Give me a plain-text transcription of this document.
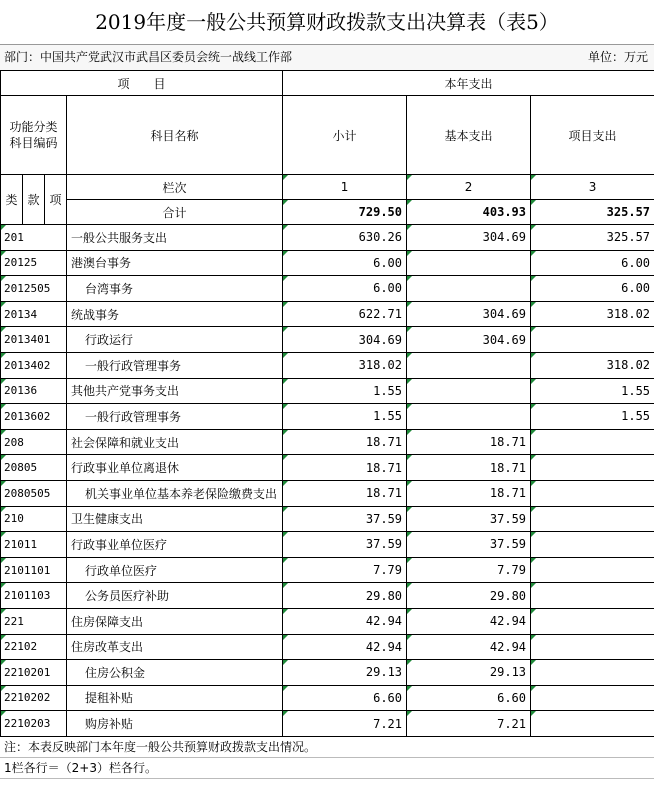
2019年度一般公共预算财政拨款支出决算表（表5）
部门：中国共产党武汉市武昌区委员会统一战线工作部	单位：万元
项　　目				本年支出		
功能分类
科目编码			科目名称	小计	基本支出	项目支出
类	款	项	栏次	1	2	3
			合计	729.50	403.93	325.57
201			一般公共服务支出	630.26	304.69	325.57
20125			港澳台事务	6.00		6.00
2012505			台湾事务	6.00		6.00
20134			统战事务	622.71	304.69	318.02
2013401			行政运行	304.69	304.69	
2013402			一般行政管理事务	318.02		318.02
20136			其他共产党事务支出	1.55		1.55
2013602			一般行政管理事务	1.55		1.55
208			社会保障和就业支出	18.71	18.71	
20805			行政事业单位离退休	18.71	18.71	
2080505			机关事业单位基本养老保险缴费支出	18.71	18.71	
210			卫生健康支出	37.59	37.59	
21011			行政事业单位医疗	37.59	37.59	
2101101			行政单位医疗	7.79	7.79	
2101103			公务员医疗补助	29.80	29.80	
221			住房保障支出	42.94	42.94	
22102			住房改革支出	42.94	42.94	
2210201			住房公积金	29.13	29.13	
2210202			提租补贴	6.60	6.60	
2210203			购房补贴	7.21	7.21	
注：本表反映部门本年度一般公共预算财政拨款支出情况。
1栏各行＝（2+3）栏各行。
